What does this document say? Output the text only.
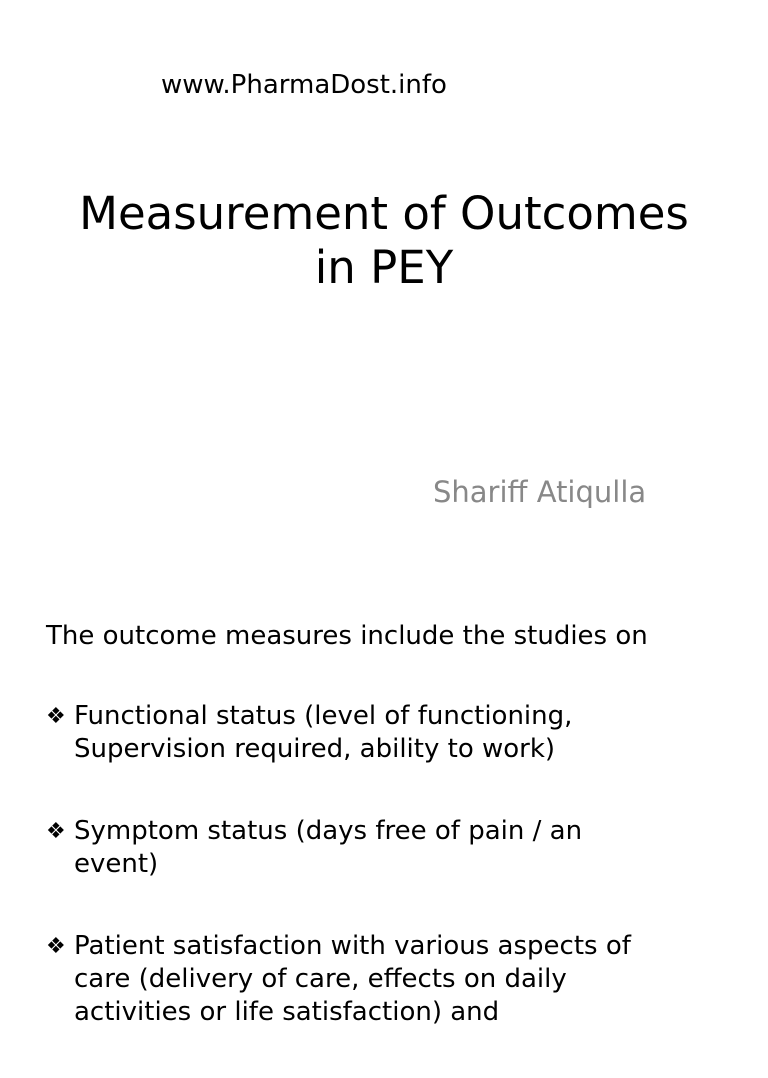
www.PharmaDost.info
Measurement of Outcomes
in PEY
Shariff Atiqulla
The outcome measures include the studies on
❖ Functional status (level of functioning,
Supervision required, ability to work)
❖ Symptom status (days free of pain / an
event)
❖ Patient satisfaction with various aspects of
care (delivery of care, effects on daily
activities or life satisfaction) and
